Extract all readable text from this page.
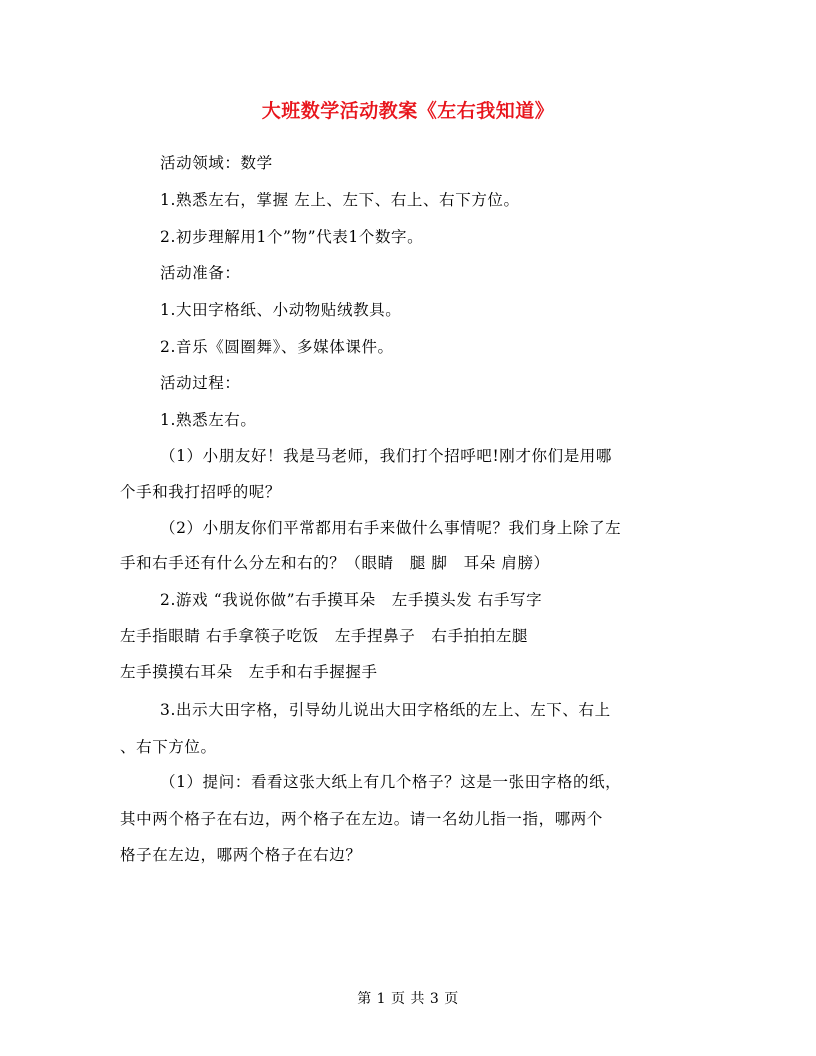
大班数学活动教案《左右我知道》
活动领域：数学
1.熟悉左右，掌握 左上、左下、右上、右下方位。
2.初步理解用1个”物”代表1个数字。
活动准备：
1.大田字格纸、小动物贴绒教具。
2.音乐《圆圈舞》、多媒体课件。
活动过程：
1.熟悉左右。
（1）小朋友好！我是马老师，我们打个招呼吧!刚才你们是用哪
个手和我打招呼的呢？
（2）小朋友你们平常都用右手来做什么事情呢？我们身上除了左
手和右手还有什么分左和右的？（眼睛　腿 脚　耳朵 肩膀）
2.游戏 “我说你做”右手摸耳朵　左手摸头发 右手写字
左手指眼睛 右手拿筷子吃饭　左手捏鼻子　右手拍拍左腿
左手摸摸右耳朵　左手和右手握握手
3.出示大田字格，引导幼儿说出大田字格纸的左上、左下、右上
、右下方位。
（1）提问：看看这张大纸上有几个格子？这是一张田字格的纸，
其中两个格子在右边，两个格子在左边。请一名幼儿指一指，哪两个
格子在左边，哪两个格子在右边？
第 1 页 共 3 页
